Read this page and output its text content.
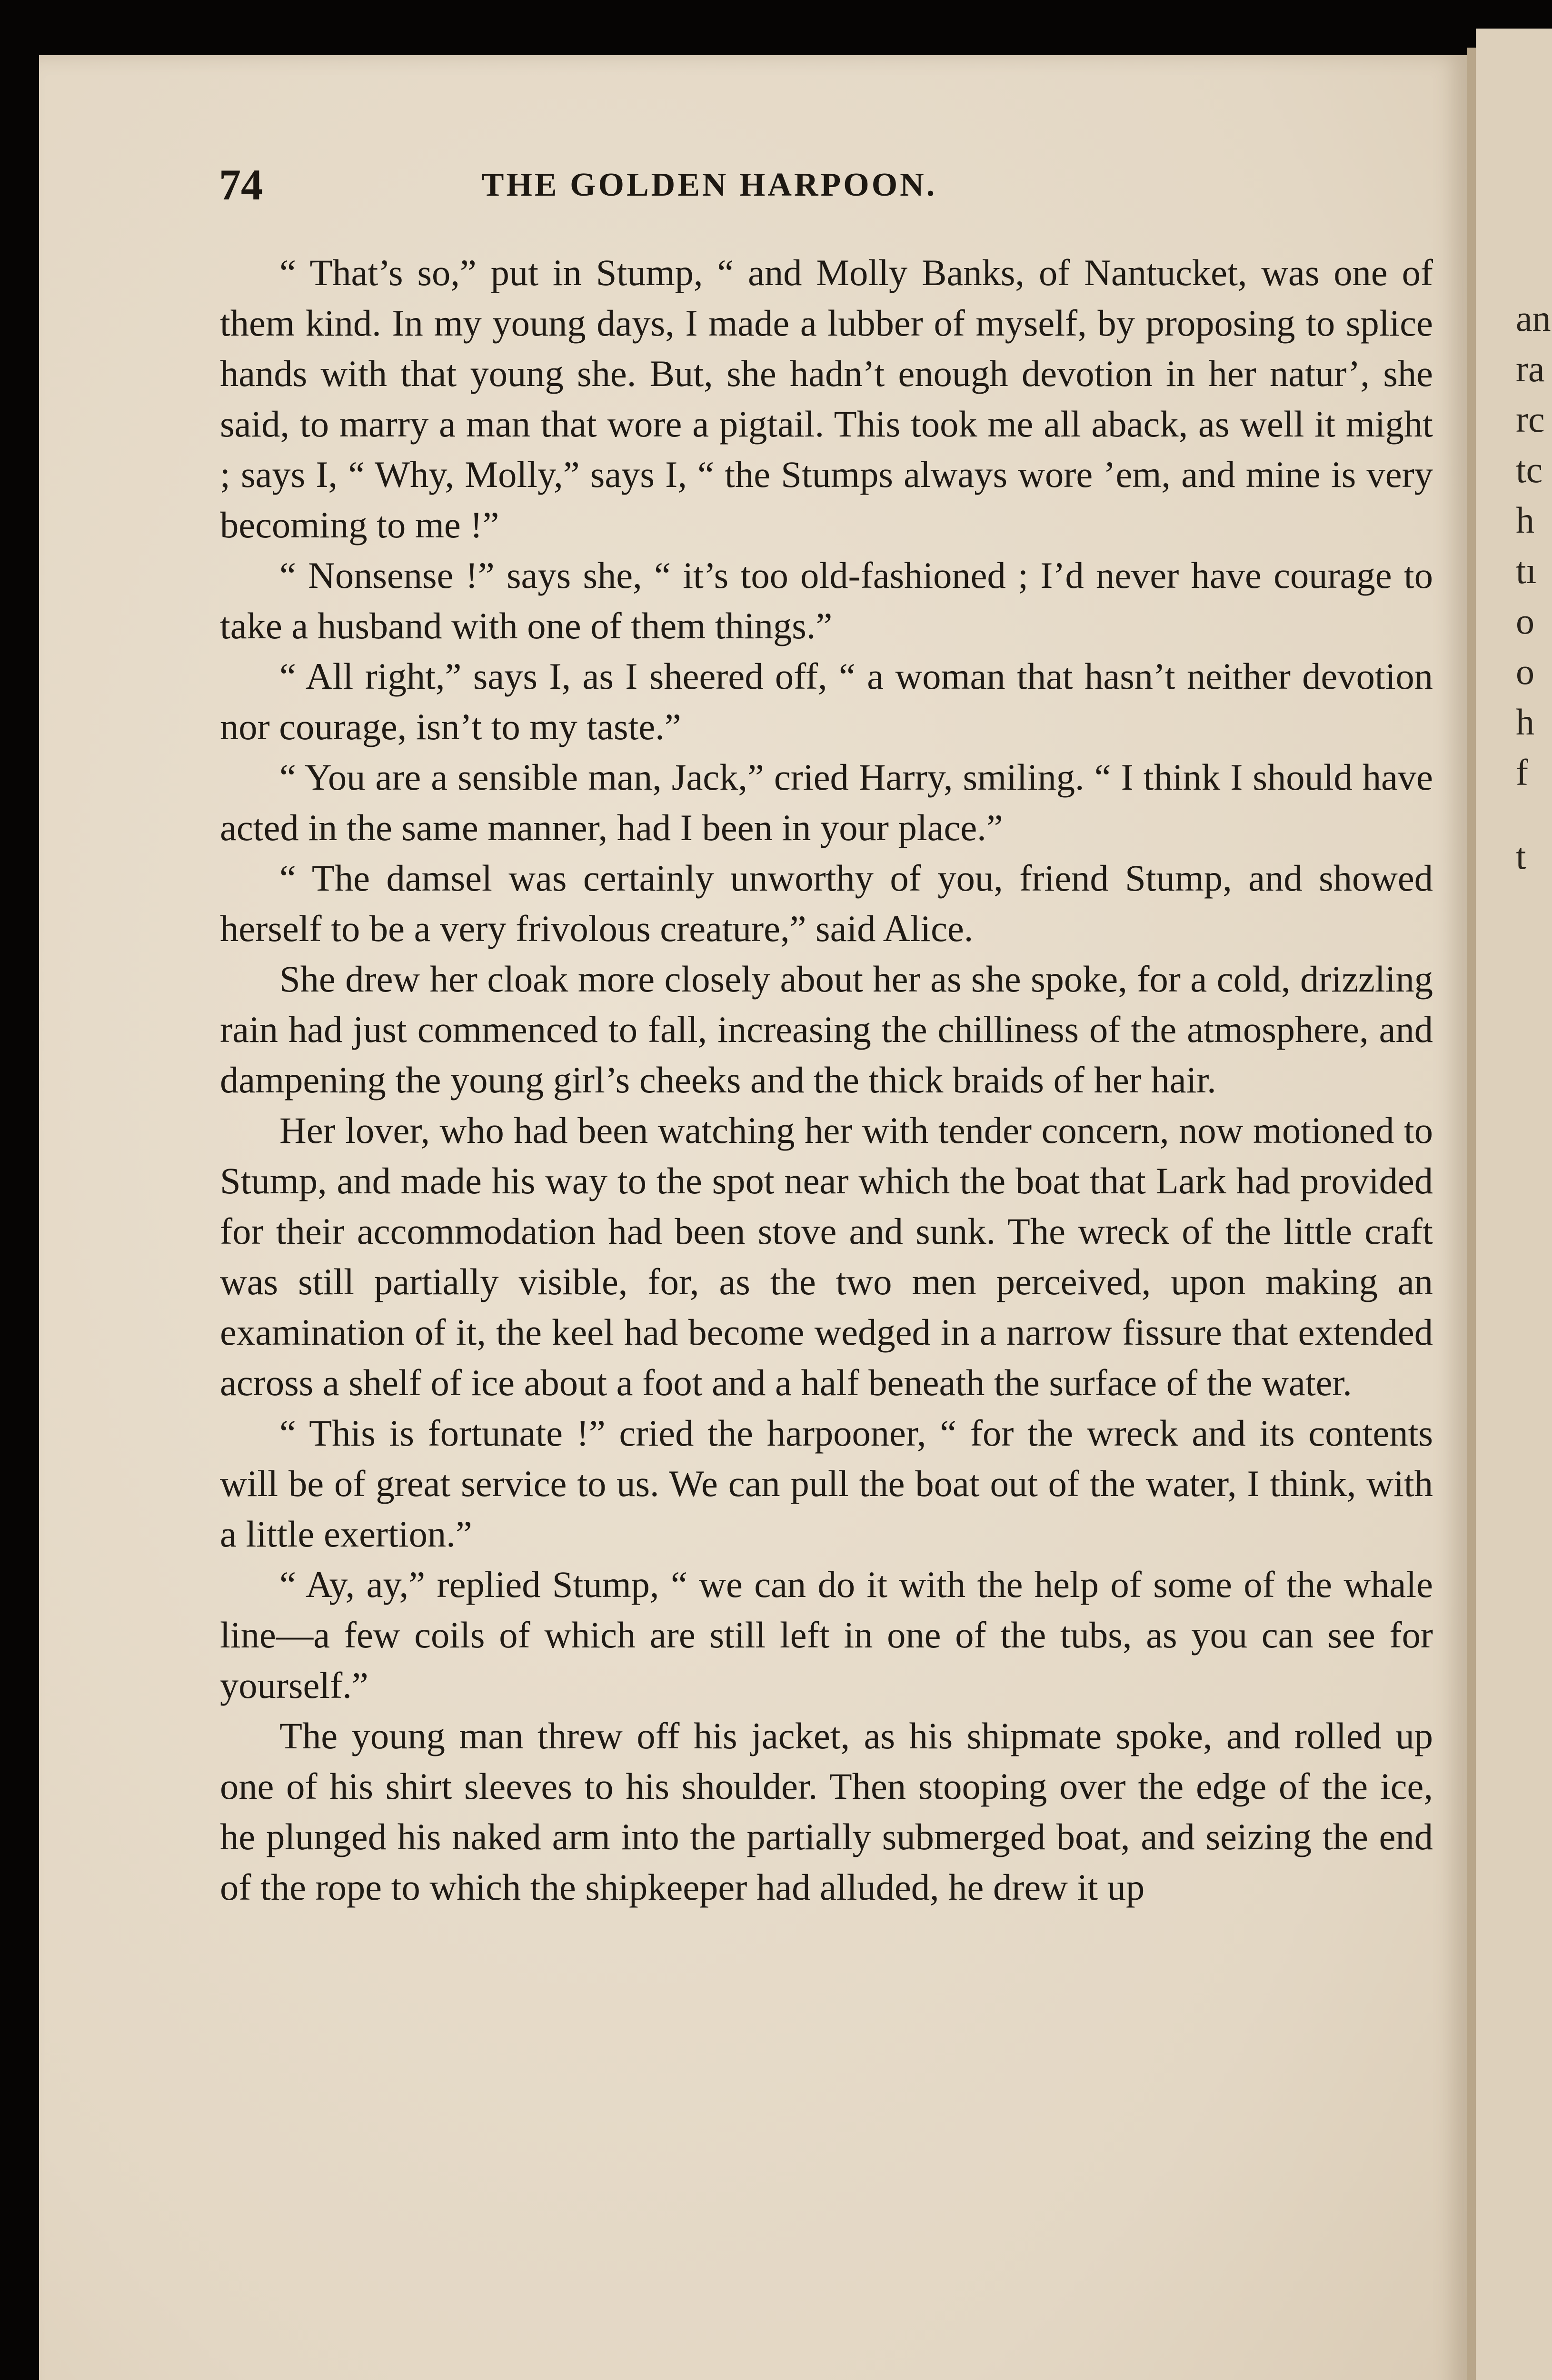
an
ra
rc
tc
h
tı
o
o
h
f
t
74	THE GOLDEN HARPOON.

“ That’s so,” put in Stump, “ and Molly Banks, of Nantucket, was one of them kind. In my young days, I made a lubber of myself, by proposing to splice hands with that young she. But, she hadn’t enough devotion in her natur’, she said, to marry a man that wore a pigtail. This took me all aback, as well it might ; says I, “ Why, Molly,” says I, “ the Stumps always wore ’em, and mine is very becoming to me !”

“ Nonsense !” says she, “ it’s too old-fashioned ; I’d never have courage to take a husband with one of them things.”

“ All right,” says I, as I sheered off, “ a woman that hasn’t neither devotion nor courage, isn’t to my taste.”

“ You are a sensible man, Jack,” cried Harry, smiling. “ I think I should have acted in the same manner, had I been in your place.”

“ The damsel was certainly unworthy of you, friend Stump, and showed herself to be a very frivolous creature,” said Alice.

She drew her cloak more closely about her as she spoke, for a cold, drizzling rain had just commenced to fall, increasing the chilliness of the atmosphere, and dampening the young girl’s cheeks and the thick braids of her hair.

Her lover, who had been watching her with tender concern, now motioned to Stump, and made his way to the spot near which the boat that Lark had provided for their accommodation had been stove and sunk. The wreck of the little craft was still partially visible, for, as the two men perceived, upon making an examination of it, the keel had become wedged in a narrow fissure that extended across a shelf of ice about a foot and a half beneath the surface of the water.

“ This is fortunate !” cried the harpooner, “ for the wreck and its contents will be of great service to us. We can pull the boat out of the water, I think, with a little exertion.”

“ Ay, ay,” replied Stump, “ we can do it with the help of some of the whale line—a few coils of which are still left in one of the tubs, as you can see for yourself.”

The young man threw off his jacket, as his shipmate spoke, and rolled up one of his shirt sleeves to his shoulder. Then stooping over the edge of the ice, he plunged his naked arm into the partially submerged boat, and seizing the end of the rope to which the shipkeeper had alluded, he drew it up
